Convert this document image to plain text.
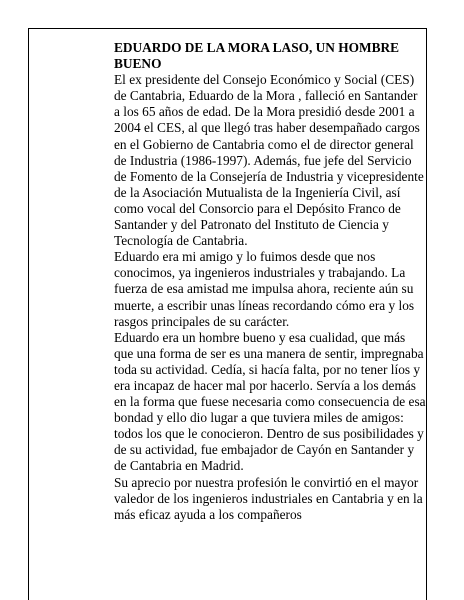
EDUARDO DE LA MORA LASO, UN HOMBRE BUENO

El ex presidente del Consejo Económico y Social (CES) de Cantabria, Eduardo de la Mora , falleció en Santander a los 65 años de edad. De la Mora presidió desde 2001 a 2004 el CES, al que llegó tras haber desempañado cargos en el Gobierno de Cantabria como el de director general de Industria (1986-1997). Además, fue jefe del Servicio de Fomento de la Consejería de Industria y vicepresidente de la Asociación Mutualista de la Ingeniería Civil, así como vocal del Consorcio para el Depósito Franco de Santander y del Patronato del Instituto de Ciencia y Tecnología de Cantabria.

Eduardo era mi amigo y lo fuimos desde que nos conocimos, ya ingenieros industriales y trabajando. La fuerza de esa amistad me impulsa ahora, reciente aún su muerte, a escribir unas líneas recordando cómo era y los rasgos principales de su carácter.

Eduardo era un hombre bueno y esa cualidad, que más que una forma de ser es una manera de sentir, impregnaba toda su actividad. Cedía, si hacía falta, por no tener líos y era incapaz de hacer mal por hacerlo. Servía a los demás en la forma que fuese necesaria como consecuencia de esa bondad y ello dio lugar a que tuviera miles de amigos: todos los que le conocieron. Dentro de sus posibilidades y de su actividad, fue embajador de Cayón en Santander y de Cantabria en Madrid.

Su aprecio por nuestra profesión le convirtió en el mayor valedor de los ingenieros industriales en Cantabria y en la más eficaz ayuda a los compañeros
